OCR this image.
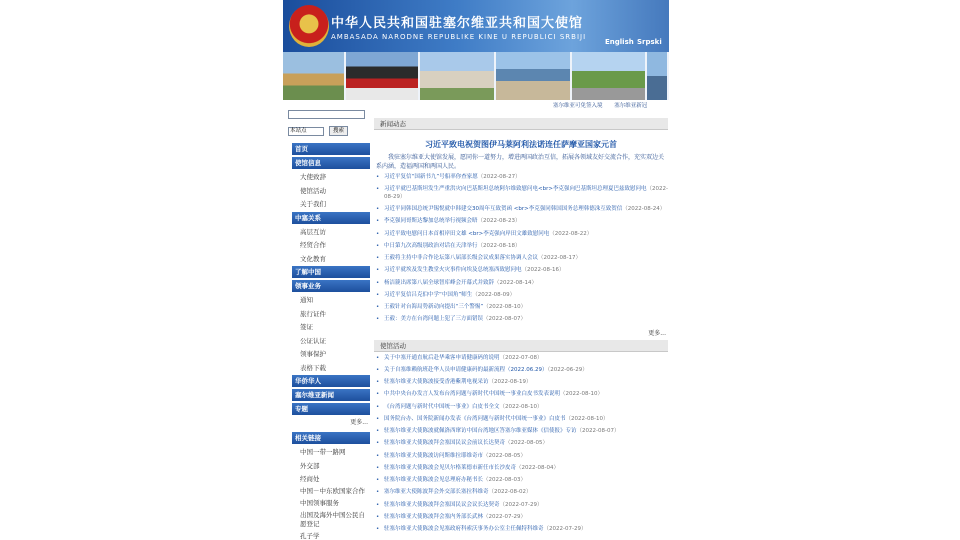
中华人民共和国驻塞尔维亚共和国大使馆
AMBASADA NARODNE REPUBLIKE KINE U REPUBLICI SRBIJI
English Srpski
塞尔维亚可免签入境 塞尔维亚新冠
本站点	搜索
首页
使馆信息
大使致辞
使馆活动
关于我们
中塞关系
高层互访
经贸合作
文化教育
了解中国
领事业务
通知
旅行证件
签证
公证认证
领事保护
表格下载
华侨华人
塞尔维亚新闻
专题
更多...
相关链接
中国一带一路网
外交部
经商处
中国－中东欧国家合作
中国领事服务
出国及海外中国公民自愿登记
孔子学
新闻动态
习近平致电祝贺图伊马莱阿利法诺连任萨摩亚国家元首
我驻塞尔维亚大使馆发展，愿同你一道努力，增进两国政治互信，拓展各领域友好交流合作，充实双边关系内涵，造福两国和两国人民。
• 习近平复信“国新书九”号船率你查家愿（2022-08-27）
• 习近平就巴基斯坦发生严重洪灾向巴基斯坦总统阿尔维致慰问电<br>李克强向巴基斯坦总理夏巴兹致慰问电（2022-08-29）
• 习近平同韩国总统尹锡悦就中韩建交30周年互致贺函 <br>李克强同韩国国务总理韩德洙互致贺信（2022-08-24）
• 李克强同哥斯达黎加总统举行视频会晤（2022-08-23）
• 习近平致电慰问日本首相岸田文雄 <br>李克强向岸田文雄致慰问电（2022-08-22）
• 中日第九次高级别政治对话在天津举行（2022-08-18）
• 王毅将主持中非合作论坛第八届部长级会议成果落实协调人会议（2022-08-17）
• 习近平就埃及发生教堂火灾事件向埃及总统塞西致慰问电（2022-08-16）
• 杨洁篪出席第八届全球智库峰会开幕式并致辞（2022-08-14）
• 习近平复信吕克伯中学“中国角”师生（2022-08-09）
• 王毅针对台海局势新动向提出“三个警惕”（2022-08-10）
• 王毅：美方在台湾问题上犯了三方面错误（2022-08-07）
更多...
使馆活动
• 关于中塞开通直航后赴华乘客申请健康码的说明（2022-07-08）
• 关于自塞维赖航班赴华人员申请健康码的最新流程（2022.06.29）（2022-06-29）
• 驻塞尔维亚大使陈波接受香港紫荆电视采访（2022-08-19）
• 中共中央台办发言人发布台湾问题与新时代中国统一事业白皮书发表说明（2022-08-10）
• 《台湾问题与新时代中国统一事业》白皮书全文（2022-08-10）
• 国务院台办、国务院新闻办发表《台湾问题与新时代中国统一事业》白皮书（2022-08-10）
• 驻塞尔维亚大使陈波就佩洛西窜访中国台湾地区答塞尔维亚媒体《信使报》专访（2022-08-07）
• 驻塞尔维亚大使陈波拜会塞国民议会前议长达契奇（2022-08-05）
• 驻塞尔维亚大使陈波访问斯维拉耶维奇市（2022-08-05）
• 驻塞尔维亚大使陈波会见贝尔格莱德市新任市长沙皮奇（2022-08-04）
• 驻塞尔维亚大使陈波会见总理府办秘书长（2022-08-03）
• 塞尔维亚大使陈波拜会外交部长塞拉科维奇（2022-08-02）
• 驻塞尔维亚大使陈波拜会塞国民议会议长达契奇（2022-07-29）
• 驻塞尔维亚大使陈波拜会塞内务部长武林（2022-07-29）
• 驻塞尔维亚大使陈波会见塞政府科索沃事务办公室主任佩特科维奇（2022-07-29）
